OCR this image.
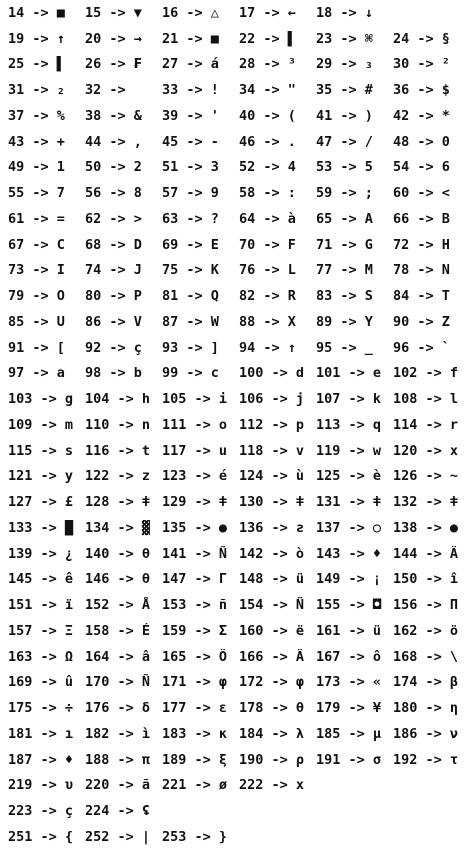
14 -> ■	15 -> ▼	16 -> △	17 -> ←	18 -> ↓
19 -> ↑	20 -> →	21 -> ■	22 -> ▌	23 -> ⌘	24 -> §
25 -> ▌	26 -> ₣	27 -> á	28 -> ³	29 -> ₃	30 -> ²
31 -> ₂	32 ->	33 -> !	34 -> "	35 -> #	36 -> $
37 -> %	38 -> &	39 -> '	40 -> (	41 -> )	42 -> *
43 -> +	44 -> ,	45 -> -	46 -> .	47 -> /	48 -> 0
49 -> 1	50 -> 2	51 -> 3	52 -> 4	53 -> 5	54 -> 6
55 -> 7	56 -> 8	57 -> 9	58 -> :	59 -> ;	60 -> <
61 -> =	62 -> >	63 -> ?	64 -> à	65 -> A	66 -> B
67 -> C	68 -> D	69 -> E	70 -> F	71 -> G	72 -> H
73 -> I	74 -> J	75 -> K	76 -> L	77 -> M	78 -> N
79 -> O	80 -> P	81 -> Q	82 -> R	83 -> S	84 -> T
85 -> U	86 -> V	87 -> W	88 -> X	89 -> Y	90 -> Z
91 -> [	92 -> ç	93 -> ]	94 -> ↑	95 -> _	96 -> `
97 -> a	98 -> b	99 -> c	100 -> d 101 -> e 102 -> f
103 -> g 104 -> h 105 -> i 106 -> j 107 -> k 108 -> l
109 -> m 110 -> n 111 -> o 112 -> p 113 -> q 114 -> r
115 -> s 116 -> t 117 -> u 118 -> v 119 -> w 120 -> x
121 -> y 122 -> z 123 -> é 124 -> ù 125 -> è 126 -> ~
127 -> £ 128 -> ǂ 129 -> ǂ 130 -> ǂ 131 -> ǂ 132 -> ǂ
133 -> █ 134 -> ▓ 135 -> ● 136 -> ƨ 137 -> ○ 138 -> ●
139 -> ¿ 140 -> θ 141 -> Ñ 142 -> ò 143 -> ♦ 144 -> Ä
145 -> ê 146 -> θ 147 -> Γ 148 -> ü 149 -> ¡ 150 -> î
151 -> ï 152 -> Å 153 -> ñ 154 -> Ñ 155 -> ◘ 156 -> Π
157 -> Ξ 158 -> É 159 -> Σ 160 -> ë 161 -> ü 162 -> ö
163 -> Ω 164 -> â 165 -> Ö 166 -> Â 167 -> ô 168 -> \
169 -> û 170 -> Ñ 171 -> φ 172 -> φ 173 -> « 174 -> β
175 -> ÷ 176 -> δ 177 -> ε 178 -> θ 179 -> ¥ 180 -> η
181 -> ı 182 -> ì 183 -> κ 184 -> λ 185 -> μ 186 -> ν
187 -> ♦ 188 -> π 189 -> ξ 190 -> ρ 191 -> σ 192 -> τ
219 -> υ 220 -> ã 221 -> ø 222 -> x
223 -> ç 224 -> ʢ
251 -> { 252 -> | 253 -> }
